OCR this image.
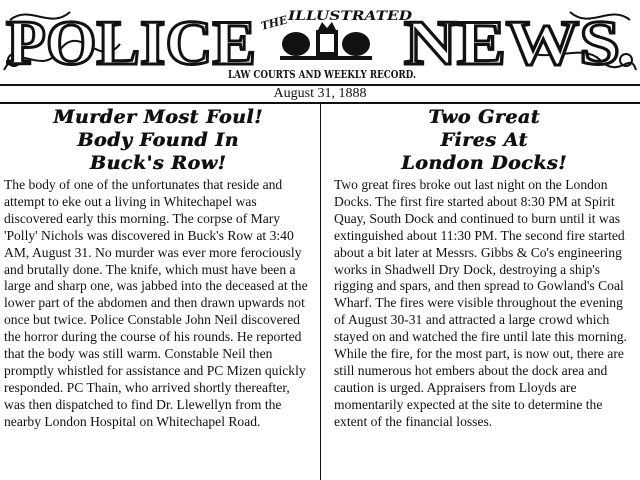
POLICE NEWS
THE
ILLUSTRATED
LAW COURTS AND WEEKLY RECORD.
August 31, 1888
Murder Most Foul!
Body Found In
Buck's Row!

The body of one of the unfortunates that reside and attempt to eke out a living in Whitechapel was discovered early this morning. The corpse of Mary 'Polly' Nichols was discovered in Buck's Row at 3:40 AM, August 31. No murder was ever more ferociously and brutally done. The knife, which must have been a large and sharp one, was jabbed into the deceased at the lower part of the abdomen and then drawn upwards not once but twice. Police Constable John Neil discovered the horror during the course of his rounds. He reported that the body was still warm. Constable Neil then promptly whistled for assistance and PC Mizen quickly responded. PC Thain, who arrived shortly thereafter, was then dispatched to find Dr. Llewellyn from the nearby London Hospital on Whitechapel Road.

Two Great
Fires At
London Docks!

Two great fires broke out last night on the London Docks. The first fire started about 8:30 PM at Spirit Quay, South Dock and continued to burn until it was extinguished about 11:30 PM. The second fire started about a bit later at Messrs. Gibbs & Co's engineering works in Shadwell Dry Dock, destroying a ship's rigging and spars, and then spread to Gowland's Coal Wharf. The fires were visible throughout the evening of August 30-31 and attracted a large crowd which stayed on and watched the fire until late this morning. While the fire, for the most part, is now out, there are still numerous hot embers about the dock area and caution is urged. Appraisers from Lloyds are momentarily expected at the site to determine the extent of the financial losses.
